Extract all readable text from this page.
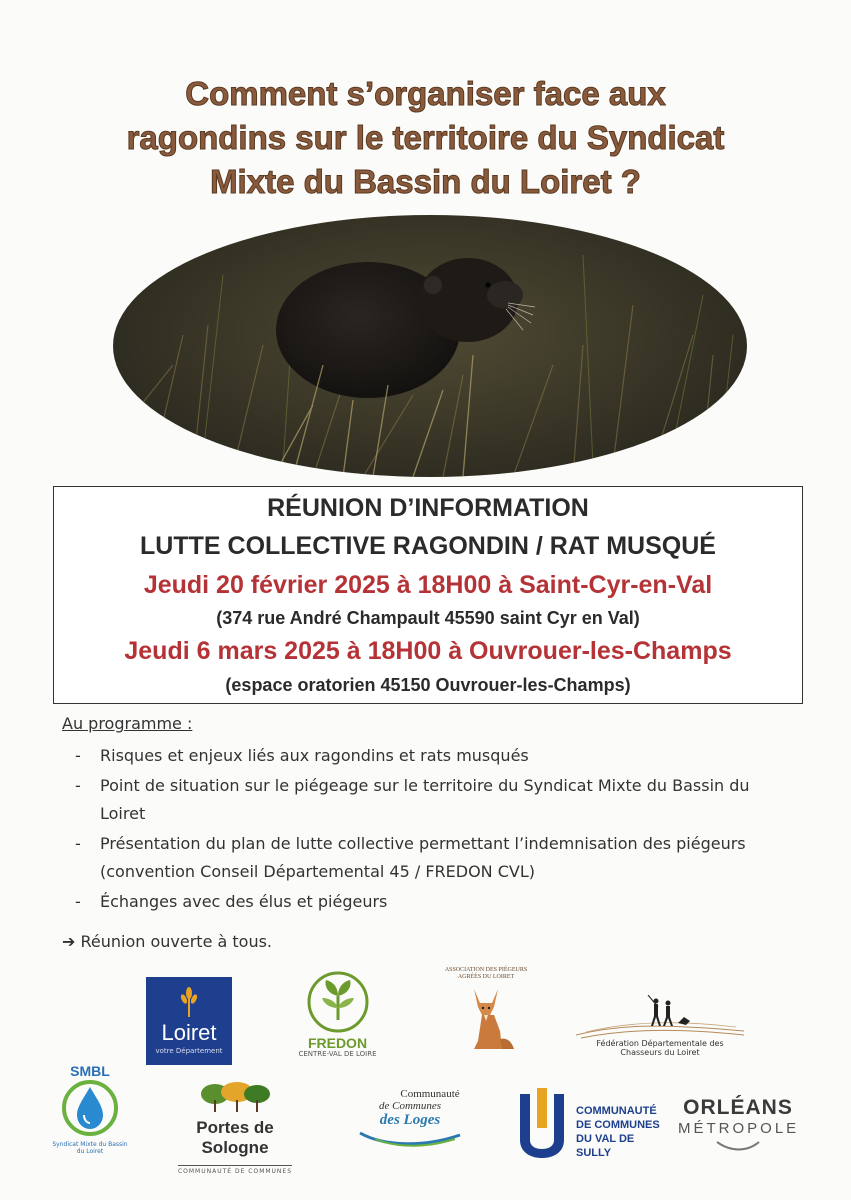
Comment s’organiser face aux
ragondins sur le territoire du Syndicat
Mixte du Bassin du Loiret ?

RÉUNION D’INFORMATION

LUTTE COLLECTIVE RAGONDIN / RAT MUSQUÉ

Jeudi 20 février 2025 à 18H00 à Saint-Cyr-en-Val

(374 rue André Champault 45590 saint Cyr en Val)

Jeudi 6 mars 2025 à 18H00 à Ouvrouer-les-Champs

(espace oratorien 45150 Ouvrouer-les-Champs)

Au programme :

- Risques et enjeux liés aux ragondins et rats musqués
- Point de situation sur le piégeage sur le territoire du Syndicat Mixte du Bassin du Loiret
- Présentation du plan de lutte collective permettant l’indemnisation des piégeurs (convention Conseil Départemental 45 / FREDON CVL)
- Échanges avec des élus et piégeurs

➔ Réunion ouverte à tous.

Loiret
votre Département	FREDON
CENTRE-VAL DE LOIRE
ASSOCIATION DES PIÉGEURS AGRÉÉS DU LOIRET
Fédération Départementale des Chasseurs du Loiret
SMBL
Syndicat Mixte du Bassin du Loiret
Portes de Sologne
COMMUNAUTÉ DE COMMUNES
Communauté
de Communes
des Loges
COMMUNAUTÉ
DE COMMUNES
DU VAL DE SULLY
ORLÉANS
MÉTROPOLE
